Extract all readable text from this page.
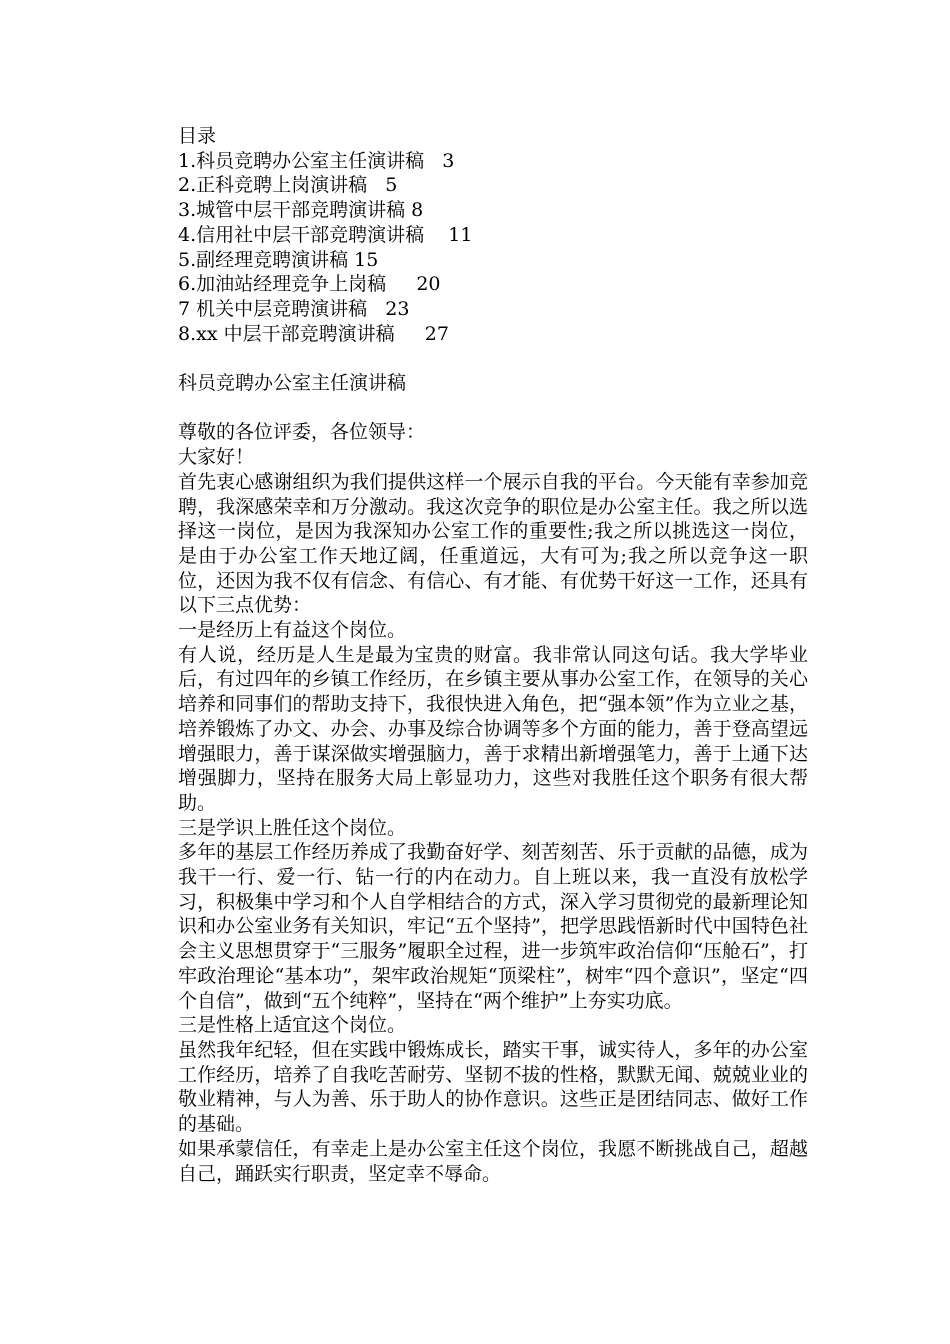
目录
1.科员竞聘办公室主任演讲稿   3
2.正科竞聘上岗演讲稿   5
3.城管中层干部竞聘演讲稿 8
4.信用社中层干部竞聘演讲稿    11
5.副经理竞聘演讲稿 15
6.加油站经理竞争上岗稿     20
7 机关中层竞聘演讲稿   23
8.xx 中层干部竞聘演讲稿     27
科员竞聘办公室主任演讲稿
尊敬的各位评委，各位领导：
大家好！
首先衷心感谢组织为我们提供这样一个展示自我的平台。今天能有幸参加竞聘，我深感荣幸和万分激动。我这次竞争的职位是办公室主任。我之所以选择这一岗位，是因为我深知办公室工作的重要性;我之所以挑选这一岗位，是由于办公室工作天地辽阔，任重道远，大有可为;我之所以竞争这一职位，还因为我不仅有信念、有信心、有才能、有优势干好这一工作，还具有以下三点优势：
一是经历上有益这个岗位。
有人说，经历是人生是最为宝贵的财富。我非常认同这句话。我大学毕业后，有过四年的乡镇工作经历，在乡镇主要从事办公室工作，在领导的关心培养和同事们的帮助支持下，我很快进入角色，把“强本领”作为立业之基，培养锻炼了办文、办会、办事及综合协调等多个方面的能力，善于登高望远增强眼力，善于谋深做实增强脑力，善于求精出新增强笔力，善于上通下达增强脚力，坚持在服务大局上彰显功力，这些对我胜任这个职务有很大帮助。
三是学识上胜任这个岗位。
多年的基层工作经历养成了我勤奋好学、刻苦刻苦、乐于贡献的品德，成为我干一行、爱一行、钻一行的内在动力。自上班以来，我一直没有放松学习，积极集中学习和个人自学相结合的方式，深入学习贯彻党的最新理论知识和办公室业务有关知识，牢记“五个坚持”，把学思践悟新时代中国特色社会主义思想贯穿于“三服务”履职全过程，进一步筑牢政治信仰“压舱石”，打牢政治理论“基本功”，架牢政治规矩“顶梁柱”，树牢“四个意识”，坚定“四个自信”，做到“五个纯粹”，坚持在“两个维护”上夯实功底。
三是性格上适宜这个岗位。
虽然我年纪轻，但在实践中锻炼成长，踏实干事，诚实待人，多年的办公室工作经历，培养了自我吃苦耐劳、坚韧不拔的性格，默默无闻、兢兢业业的敬业精神，与人为善、乐于助人的协作意识。这些正是团结同志、做好工作的基础。
如果承蒙信任，有幸走上是办公室主任这个岗位，我愿不断挑战自己，超越自己，踊跃实行职责，坚定幸不辱命。
